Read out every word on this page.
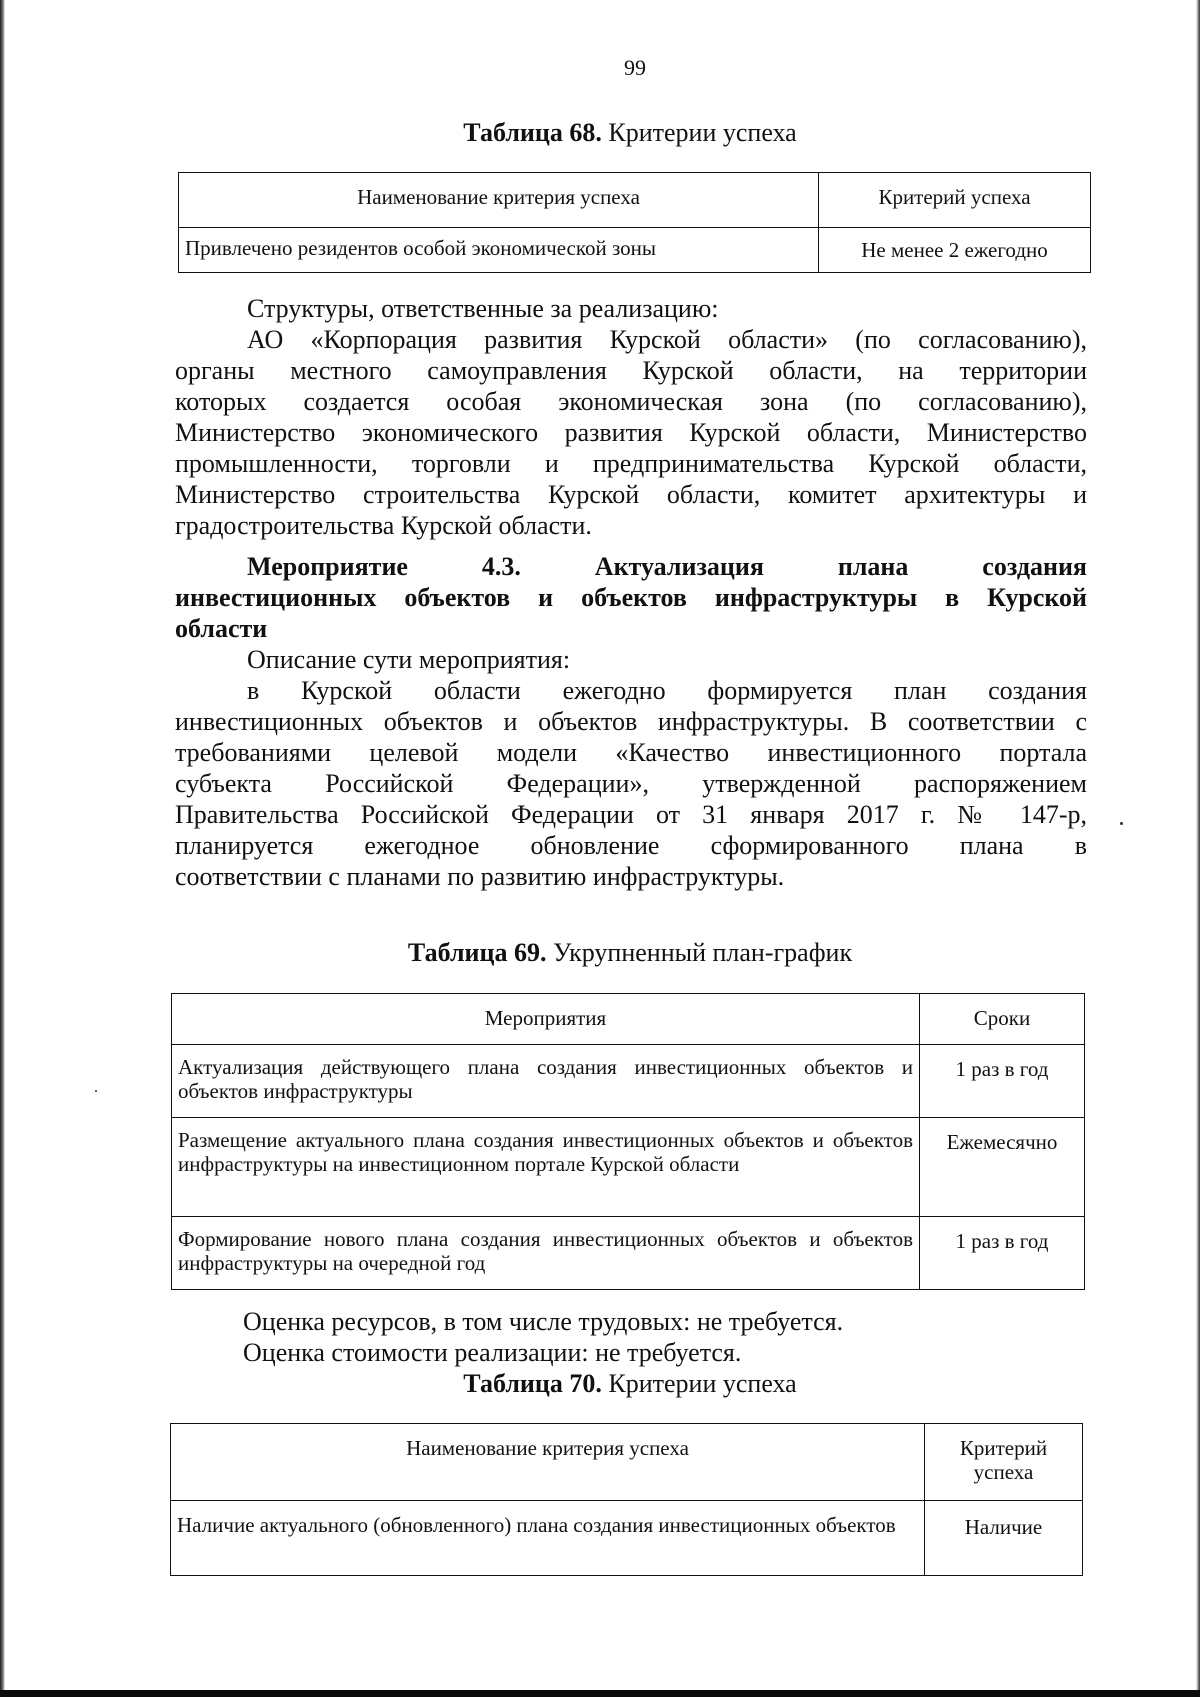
99
Таблица 68. Критерии успеха
Наименование критерия успеха	Критерий успеха
Привлечено резидентов особой экономической зоны	Не менее 2 ежегодно

Структуры, ответственные за реализацию:

АО «Корпорация развития Курской области» (по согласованию),
органы местного самоуправления Курской области, на территории
которых создается особая экономическая зона (по согласованию),
Министерство экономического развития Курской области, Министерство
промышленности, торговли и предпринимательства Курской области,
Министерство строительства Курской области, комитет архитектуры и
градостроительства Курской области.
Мероприятие 4.3. Актуализация плана создания
инвестиционных объектов и объектов инфраструктуры в Курской
области
Описание сути мероприятия:
в Курской области ежегодно формируется план создания
инвестиционных объектов и объектов инфраструктуры. В соответствии с
требованиями целевой модели «Качество инвестиционного портала
субъекта Российской Федерации», утвержденной распоряжением
Правительства Российской Федерации от 31 января 2017 г. № 147-р,
планируется ежегодное обновление сформированного плана в
соответствии с планами по развитию инфраструктуры.
Таблица 69. Укрупненный план-график
Мероприятия	Сроки
Актуализация действующего плана создания инвестиционных объектов и объектов инфраструктуры	1 раз в год
Размещение актуального плана создания инвестиционных объектов и объектов инфраструктуры на инвестиционном портале Курской области	Ежемесячно
Формирование нового плана создания инвестиционных объектов и объектов инфраструктуры на очередной год	1 раз в год
Оценка ресурсов, в том числе трудовых: не требуется.
Оценка стоимости реализации: не требуется.
Таблица 70. Критерии успеха
Наименование критерия успеха	Критерий успеха
Наличие актуального (обновленного) плана создания инвестиционных объектов	Наличие
